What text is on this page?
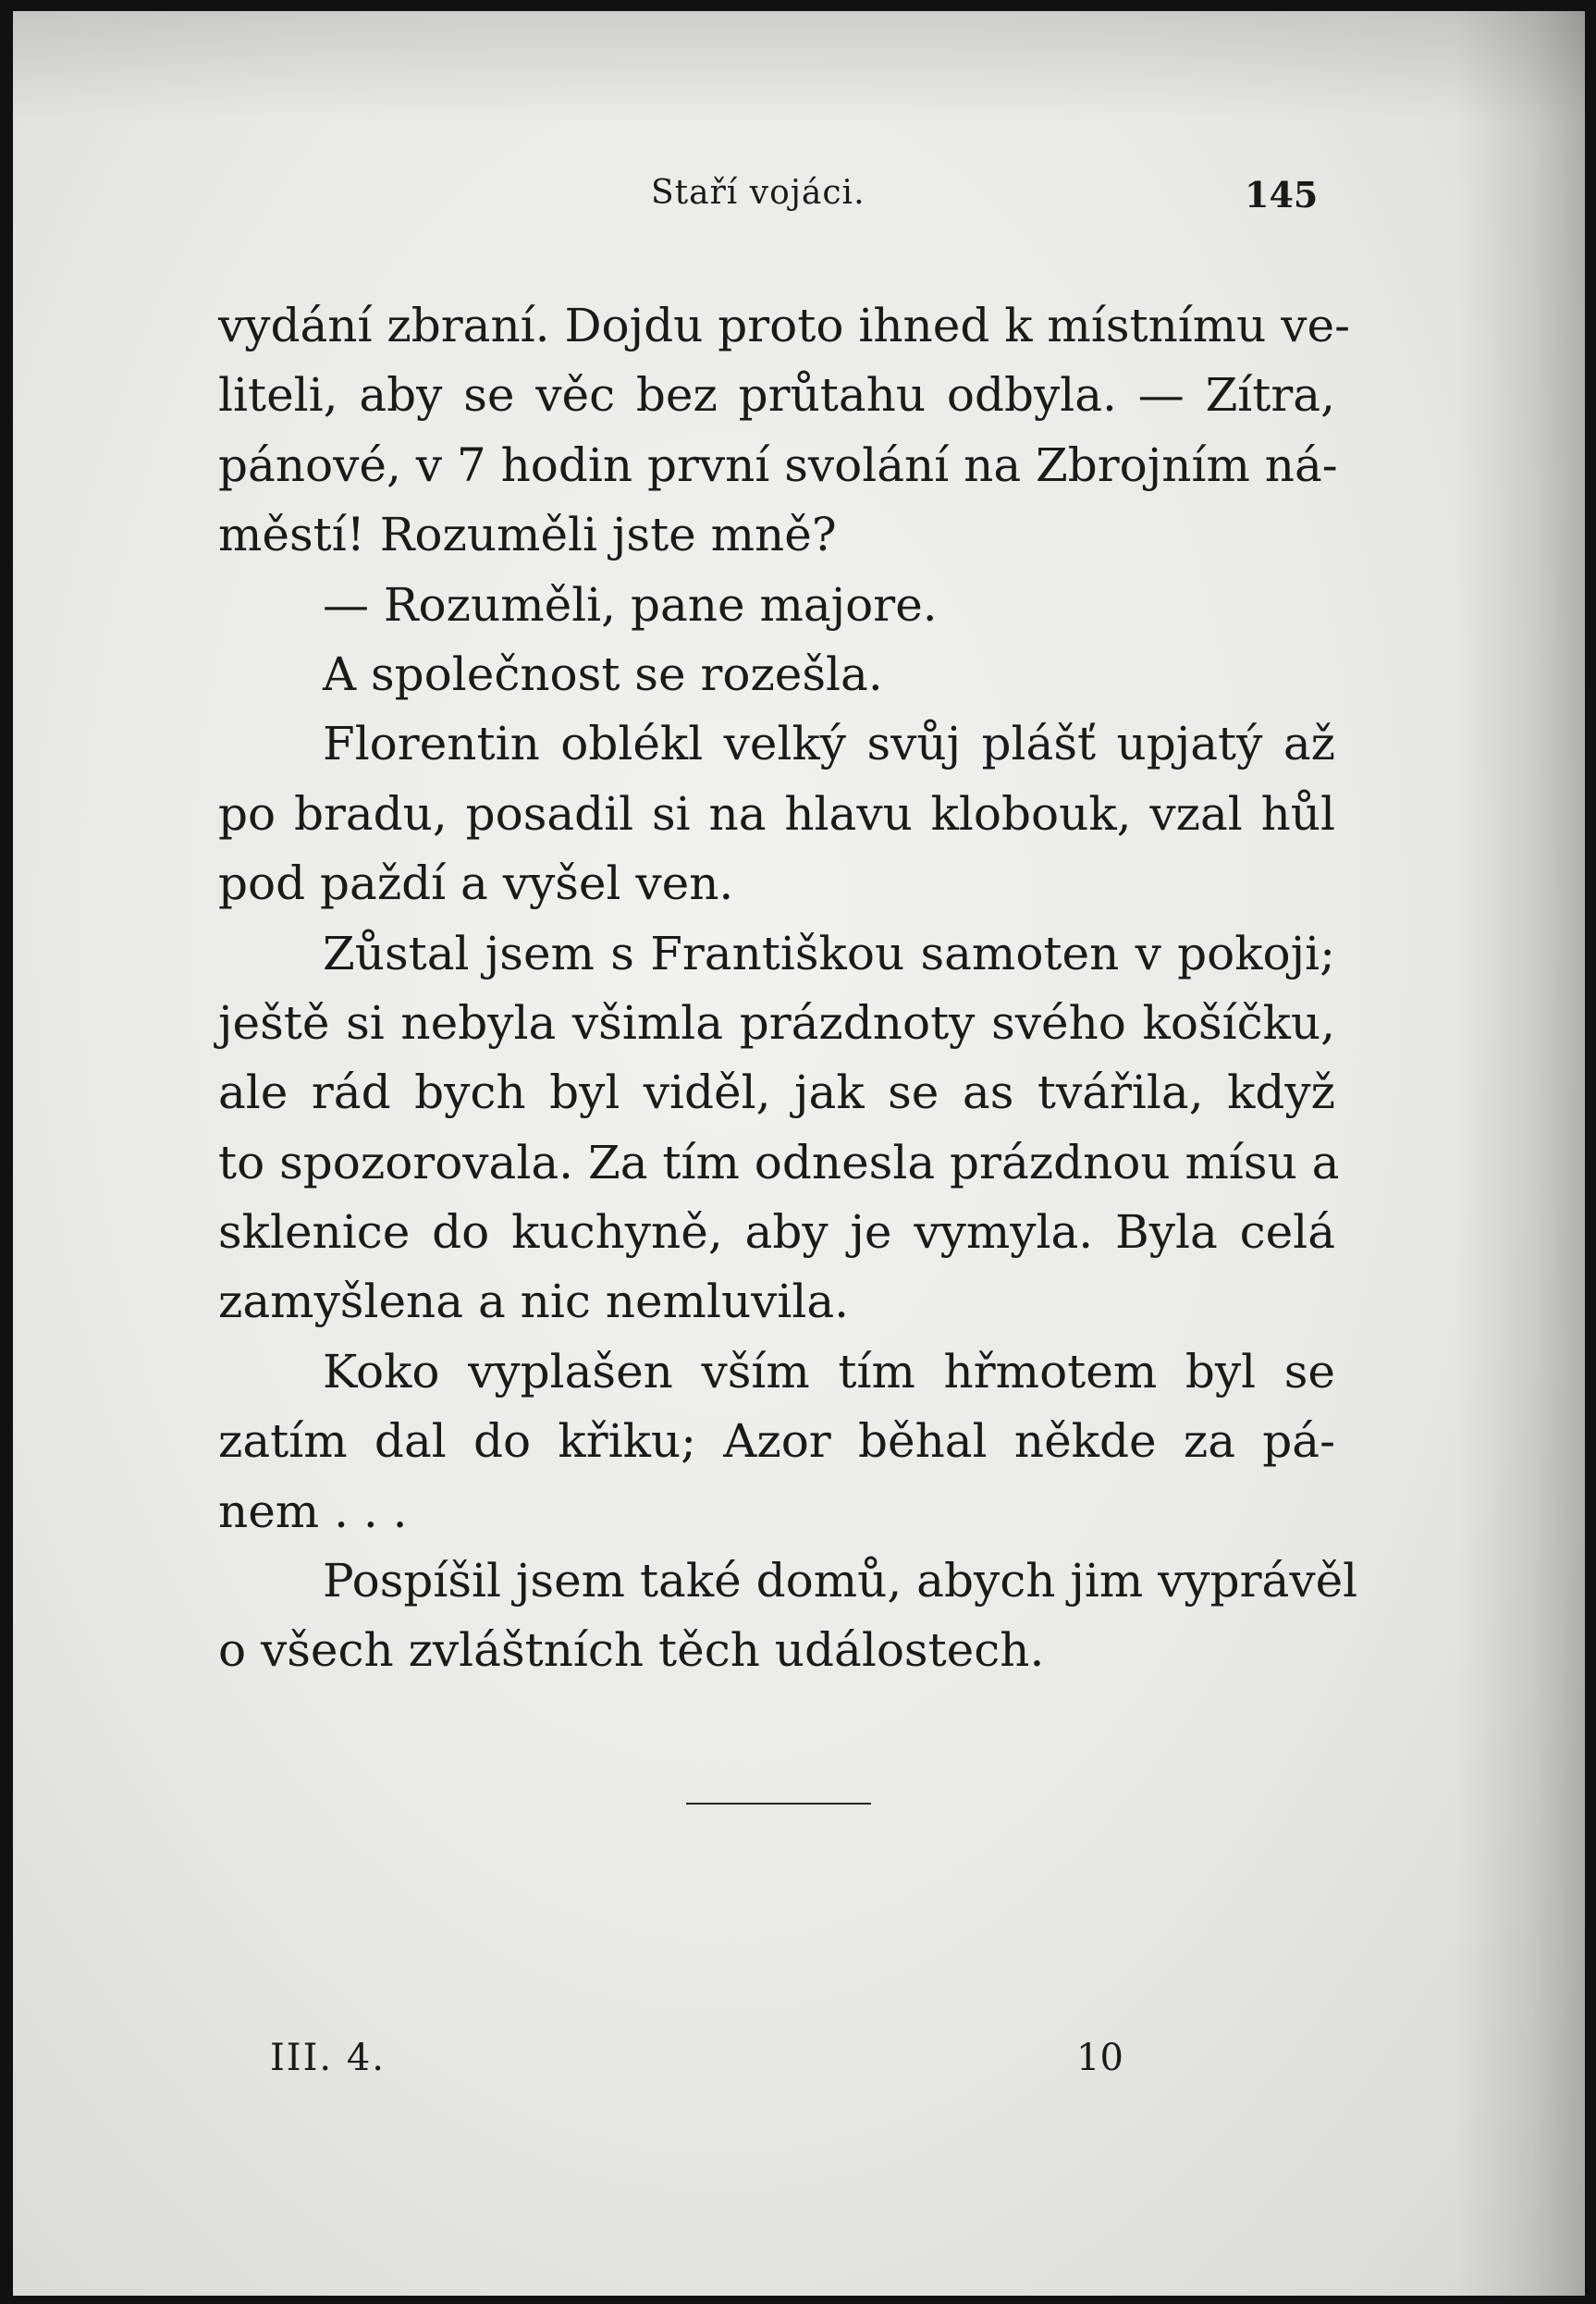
Staří vojáci.	145
vydání zbraní. Dojdu proto ihned k místnímu ve-
liteli, aby se věc bez průtahu odbyla. — Zítra,
pánové, v 7 hodin první svolání na Zbrojním ná-
městí! Rozuměli jste mně?
— Rozuměli, pane majore.
A společnost se rozešla.
Florentin oblékl velký svůj plášť upjatý až
po bradu, posadil si na hlavu klobouk, vzal hůl
pod paždí a vyšel ven.
Zůstal jsem s Františkou samoten v pokoji;
ještě si nebyla všimla prázdnoty svého košíčku,
ale rád bych byl viděl, jak se as tvářila, když
to spozorovala. Za tím odnesla prázdnou mísu a
sklenice do kuchyně, aby je vymyla. Byla celá
zamyšlena a nic nemluvila.
Koko vyplašen vším tím hřmotem byl se
zatím dal do křiku; Azor běhal někde za pá-
nem . . .
Pospíšil jsem také domů, abych jim vyprávěl
o všech zvláštních těch událostech.
III. 4.	10
